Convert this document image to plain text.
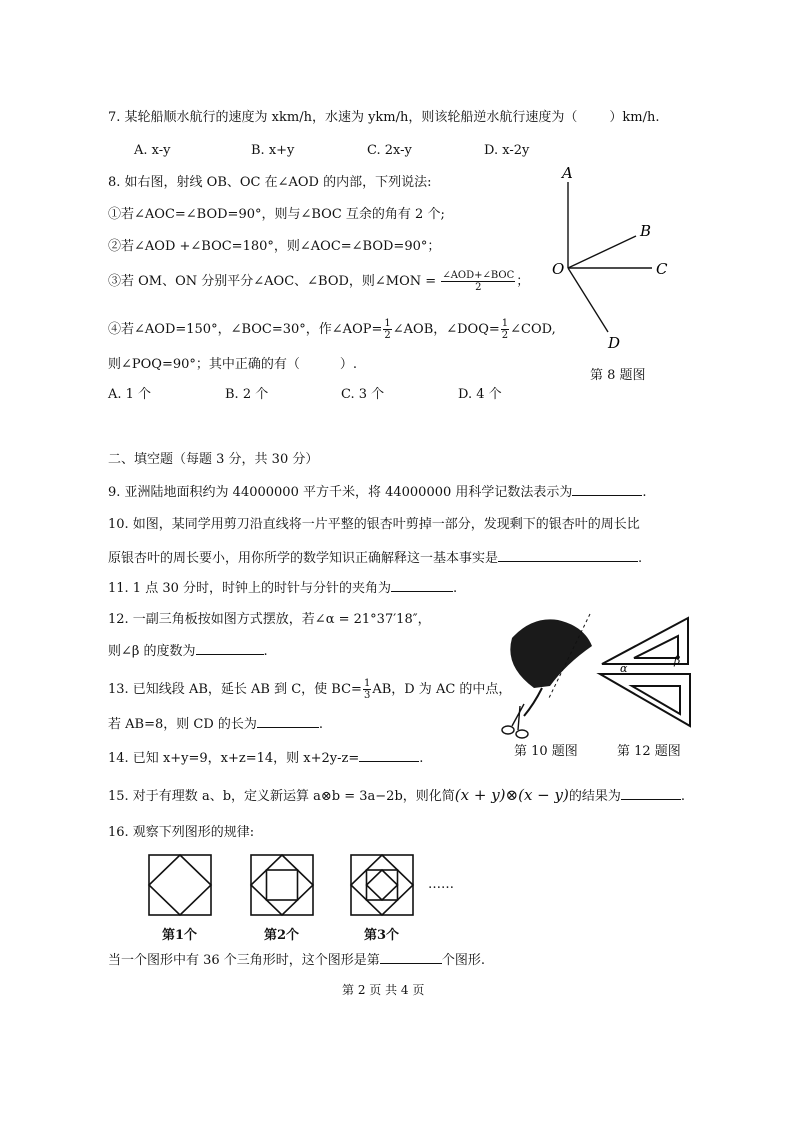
7. 某轮船顺水航行的速度为 xkm/h，水速为 ykm/h，则该轮船逆水航行速度为（ ）km/h.
A. x-y	B. x+y	C. 2x-y	D. x-2y
8. 如右图，射线 OB、OC 在∠AOD 的内部，下列说法:
①若∠AOC=∠BOD=90°，则与∠BOC 互余的角有 2 个;
②若∠AOD +∠BOC=180°，则∠AOC=∠BOD=90°；
③若 OM、ON 分别平分∠AOC、∠BOD，则∠MON = $\frac{\text{∠AOD+∠BOC}}{2}$ ；
④若∠AOD=150°，∠BOC=30°，作∠AOP= $\frac{1}{2}$ ∠AOB，∠DOQ= $\frac{1}{2}$ ∠COD,
则∠POQ=90°；其中正确的有（	）.
A. 1 个	B. 2 个	C. 3 个	D. 4 个
A
B
O	C
D
第 8 题图
二、填空题（每题 3 分，共 30 分）
9. 亚洲陆地面积约为 44000000 平方千米，将 44000000 用科学记数法表示为	.
10. 如图，某同学用剪刀沿直线将一片平整的银杏叶剪掉一部分，发现剩下的银杏叶的周长比
原银杏叶的周长要小，用你所学的数学知识正确解释这一基本事实是	.
11. 1 点 30 分时，时钟上的时针与分针的夹角为	.
12. 一副三角板按如图方式摆放，若∠α = 21°37′18″，
则∠β 的度数为	.
13. 已知线段 AB，延长 AB 到 C，使 $BC= \frac{1}{3}$ AB，D 为 AC 的中点，
若 AB=8，则 CD 的长为	.
14. 已知 x+y=9，x+z=14，则 x+2y-z=	.
α
β
第 10 题图	第 12 题图
15. 对于有理数 a、b，定义新运算 a⊗b = 3a−2b，则化简(x + y)⊗(x − y)的结果为	.
16. 观察下列图形的规律:
……
第1个	第2个	第3个
当一个图形中有 36 个三角形时，这个图形是第	个图形.
第 2 页 共 4 页
